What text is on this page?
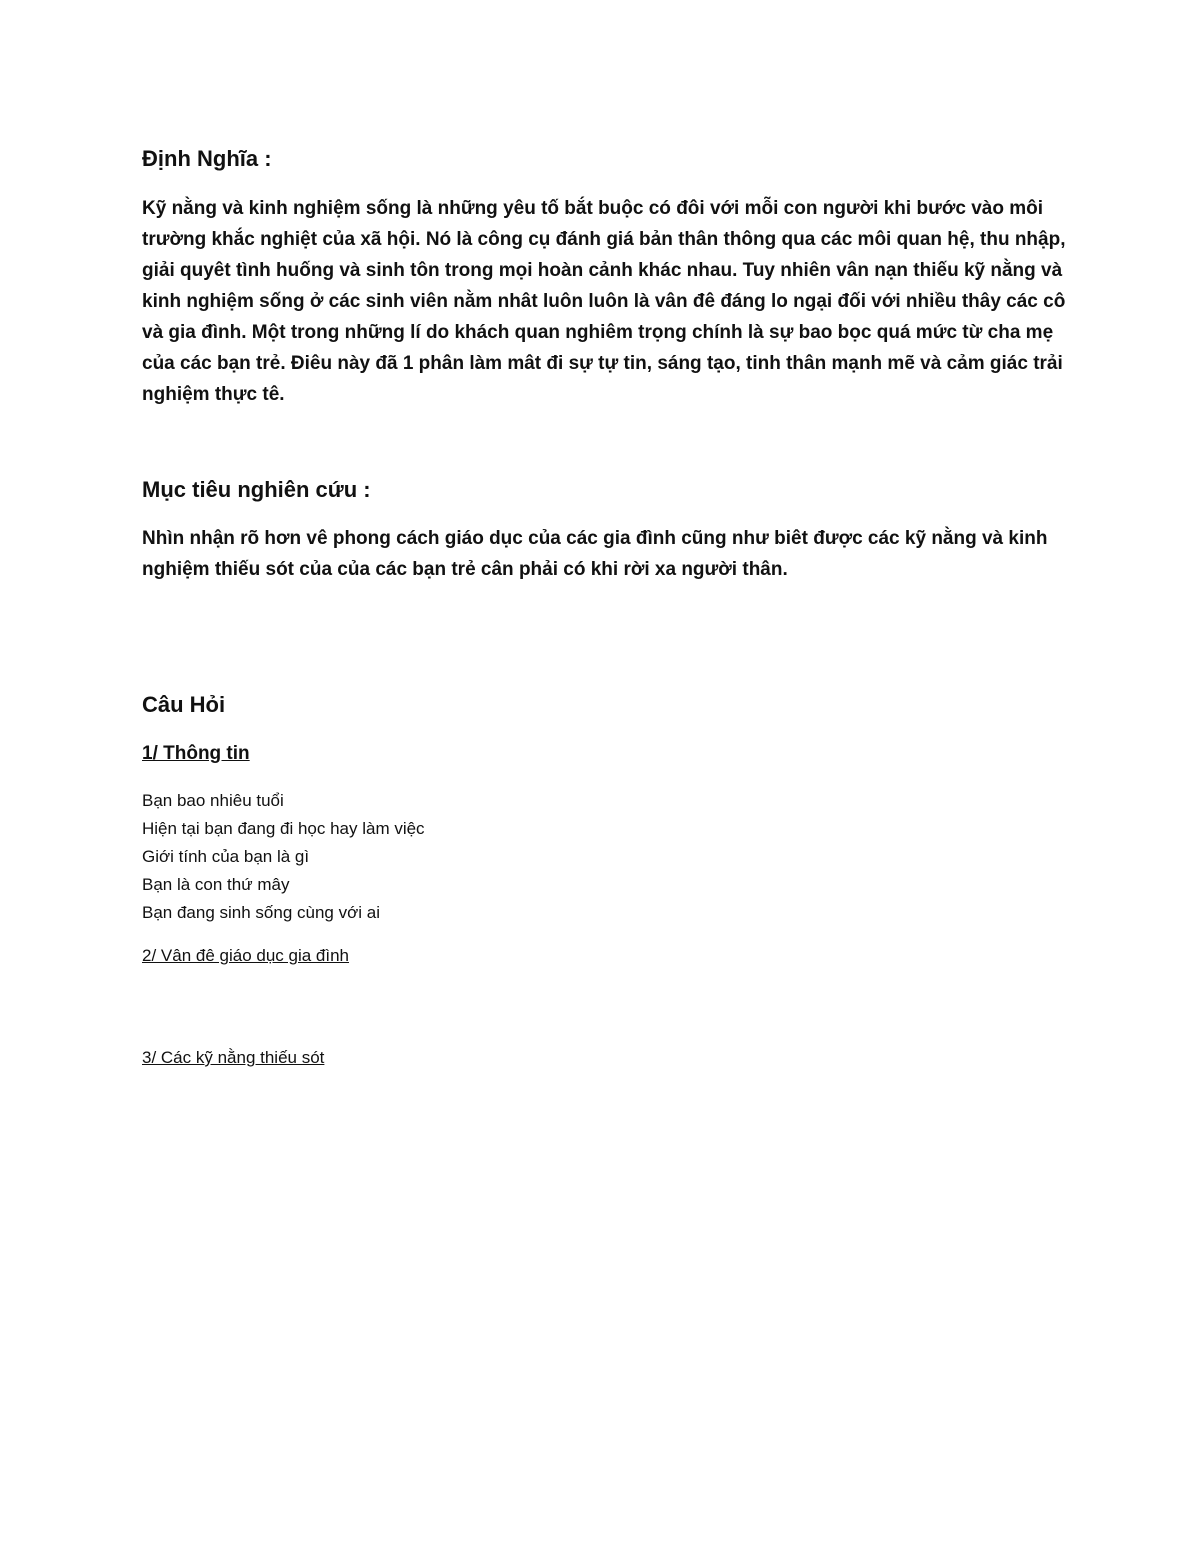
Định Nghĩa :

Kỹ nằng và kinh nghiệm sống là những yêu tố bắt buộc có đôi với mỗi con người khi bước vào môi trường khắc nghiệt của xã hội. Nó là công cụ đánh giá bản thân thông qua các môi quan hệ, thu nhập, giải quyêt tình huống và sinh tôn trong mọi hoàn cảnh khác nhau. Tuy nhiên vân nạn thiếu kỹ nằng và kinh nghiệm sống ở các sinh viên nằm nhât luôn luôn là vân đê đáng lo ngại đối với nhiều thây các cô và gia đình. Một trong những lí do khách quan nghiêm trọng chính là sự bao bọc quá mức từ cha mẹ của các bạn trẻ. Điêu này đã 1 phân làm mât đi sự tự tin, sáng tạo, tinh thân mạnh mẽ và cảm giác trải nghiệm thực tê.

Mục tiêu nghiên cứu :

Nhìn nhận rõ hơn vê phong cách giáo dục của các gia đình cũng như biêt được các kỹ nằng và kinh nghiệm thiếu sót của của các bạn trẻ cân phải có khi rời xa người thân.

Câu Hỏi

1/ Thông tin

Bạn bao nhiêu tuổi
Hiện tại bạn đang đi học hay làm việc
Giới tính của bạn là gì
Bạn là con thứ mây
Bạn đang sinh sống cùng với ai

2/ Vân đê giáo dục gia đình

3/ Các kỹ nằng thiếu sót
